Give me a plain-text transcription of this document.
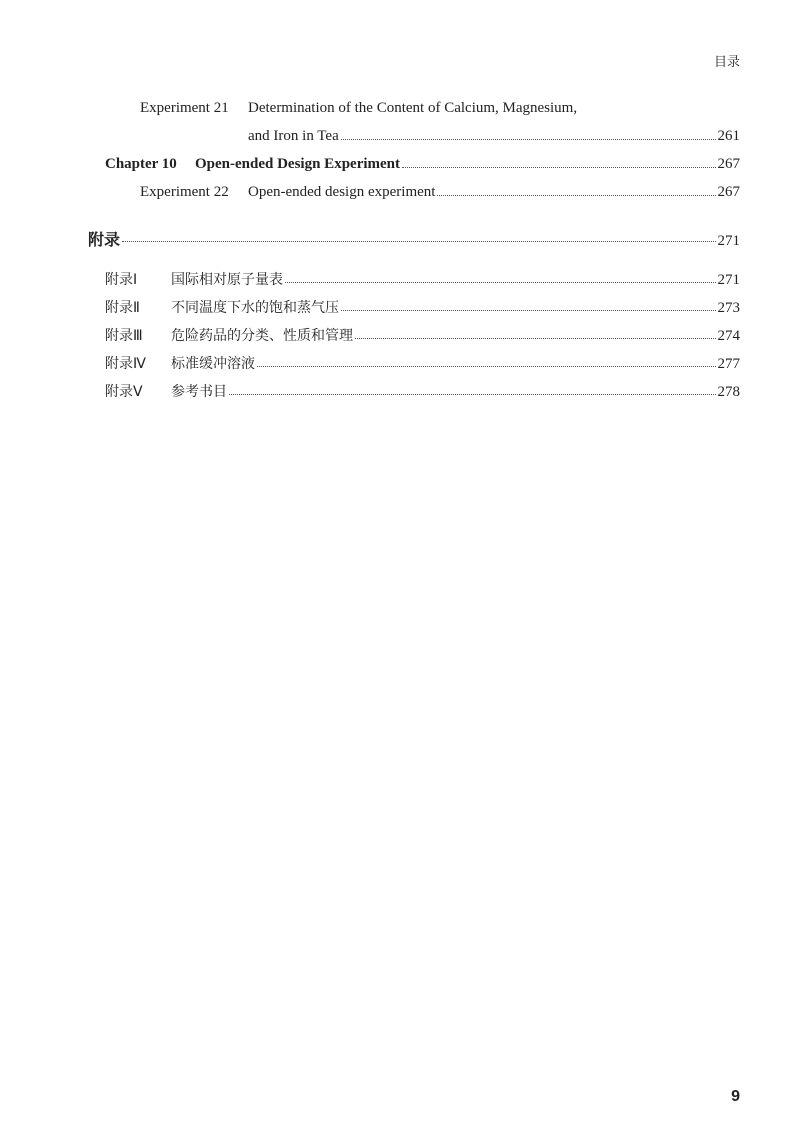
目录
Experiment 21	Determination of the Content of Calcium, Magnesium,
and Iron in Tea	261
Chapter 10	Open-ended Design Experiment	267
Experiment 22	Open-ended design experiment	267
附录	271
附录Ⅰ	国际相对原子量表	271
附录Ⅱ	不同温度下水的饱和蒸气压	273
附录Ⅲ	危险药品的分类、性质和管理	274
附录Ⅳ	标准缓冲溶液	277
附录Ⅴ	参考书目	278
9
